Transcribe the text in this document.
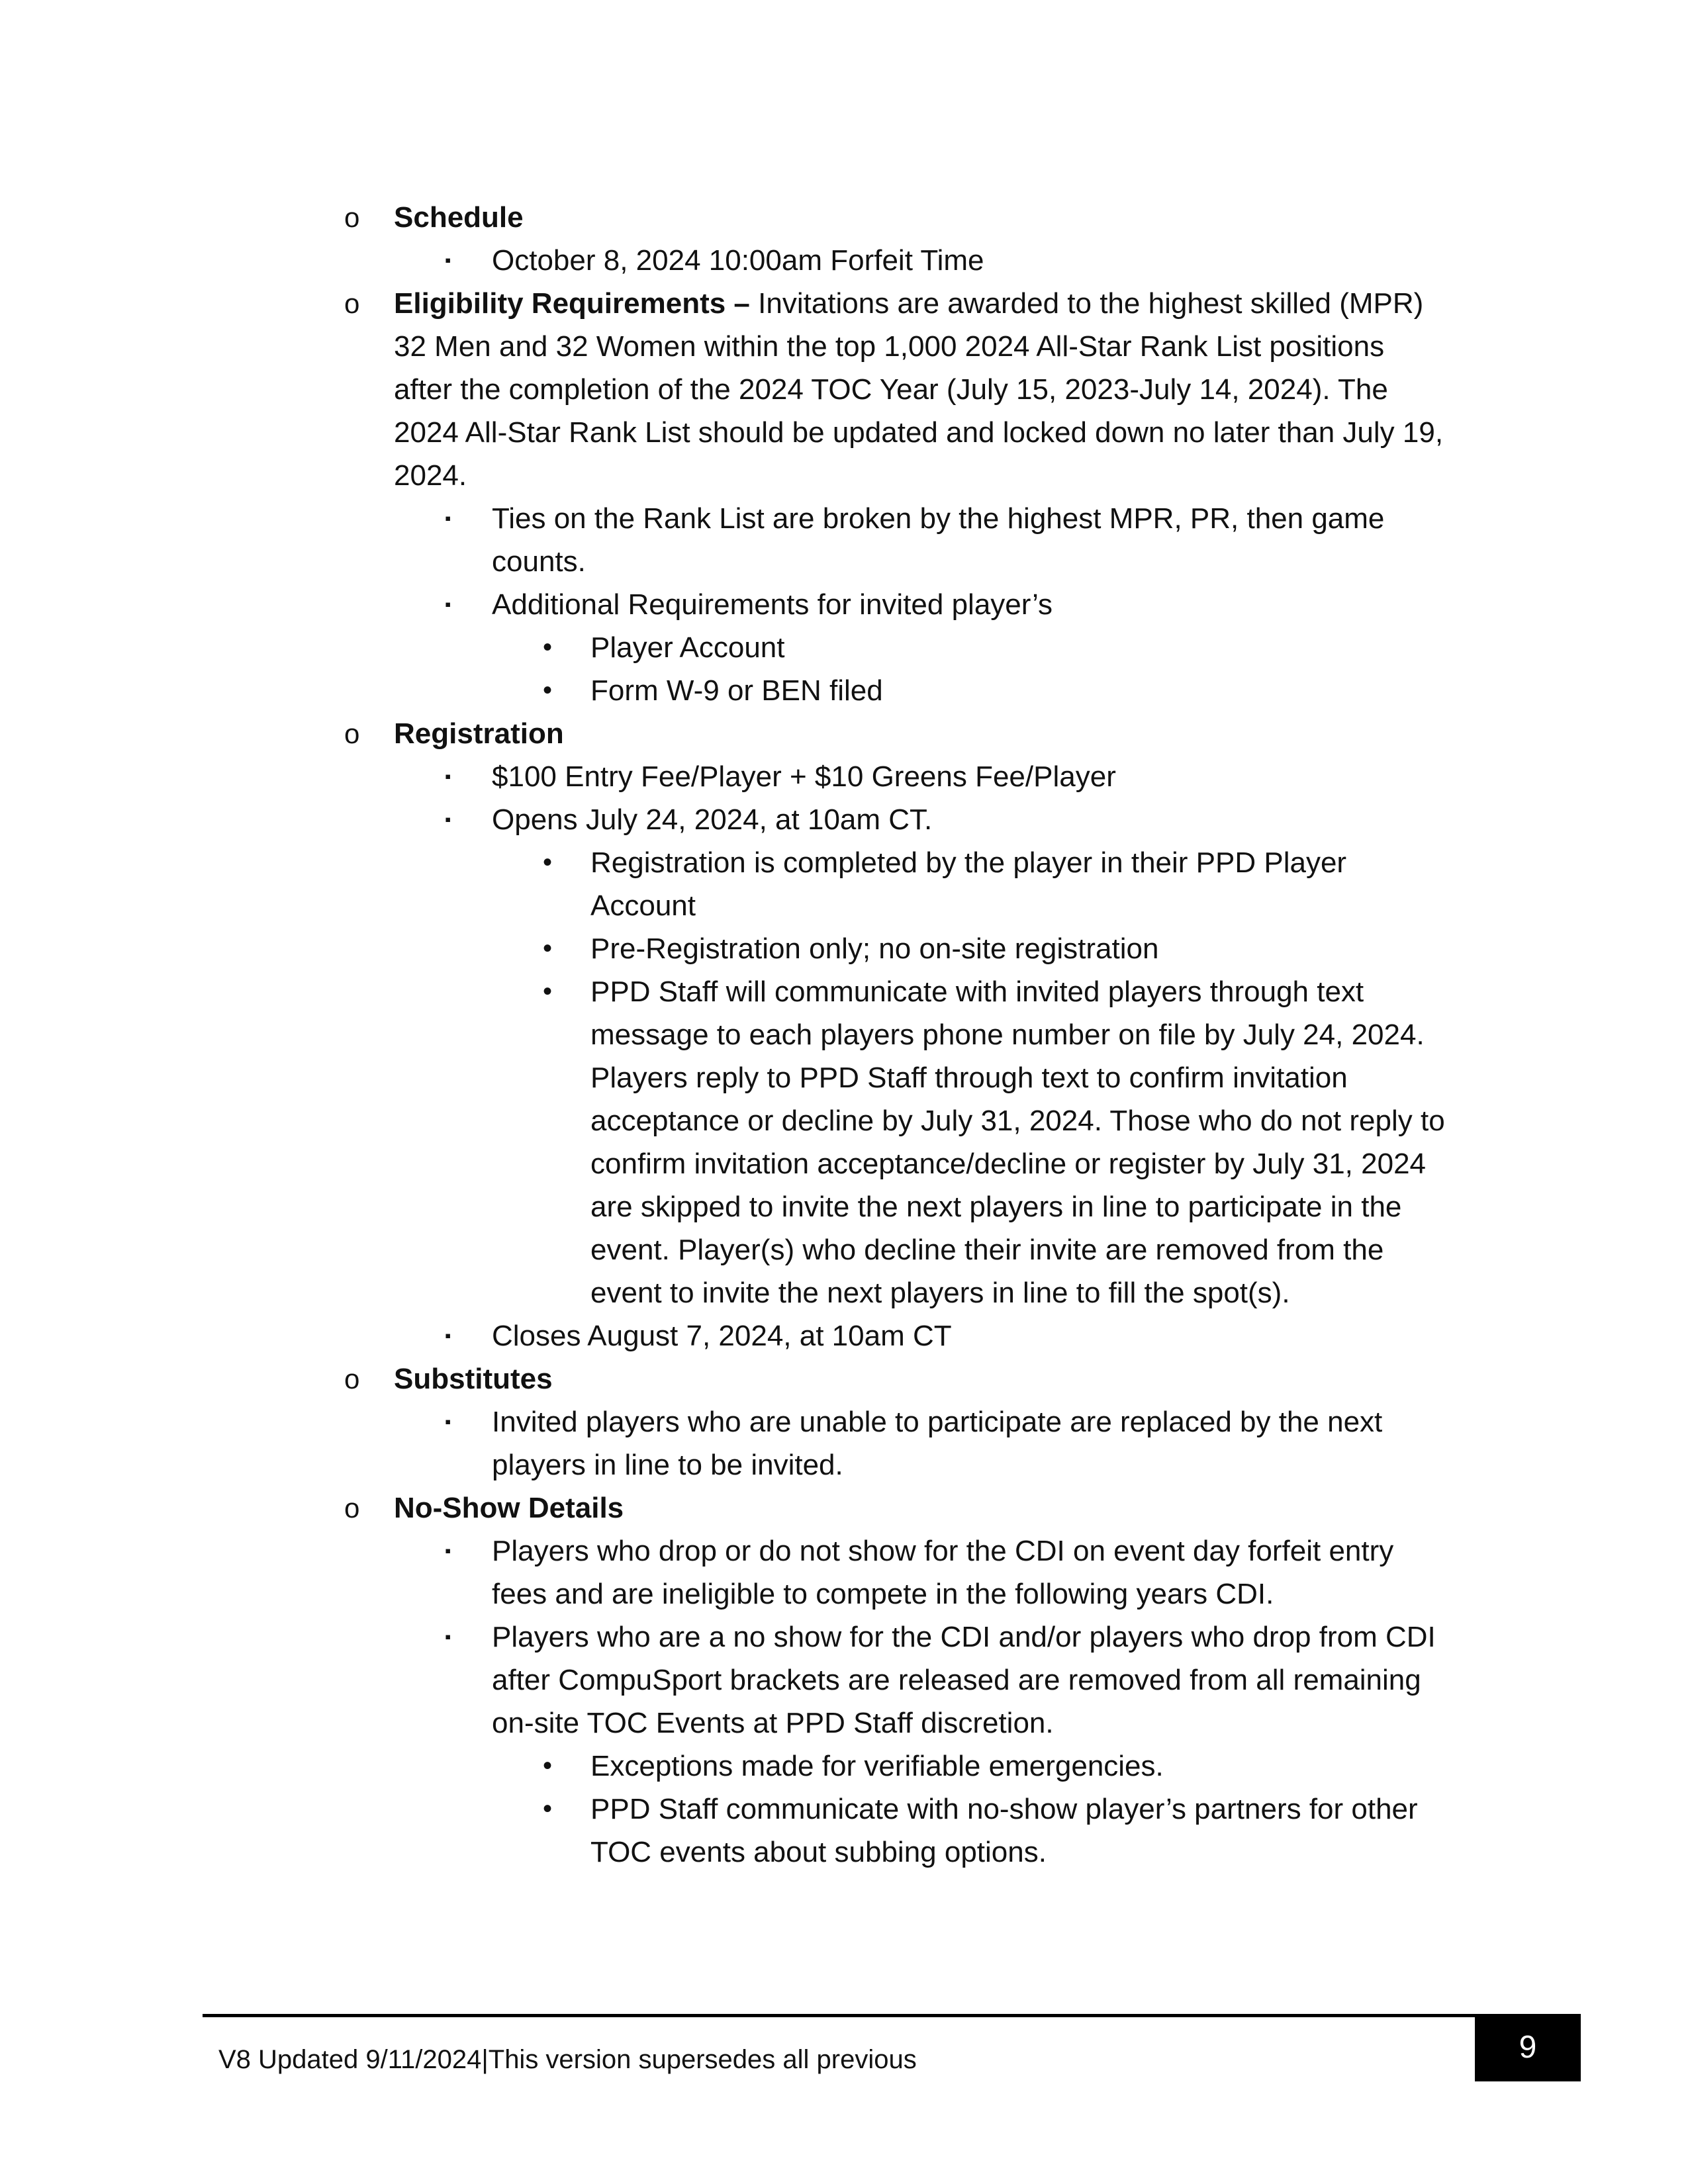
o Schedule
▪ October 8, 2024 10:00am Forfeit Time
o Eligibility Requirements – Invitations are awarded to the highest skilled (MPR)
32 Men and 32 Women within the top 1,000 2024 All-Star Rank List positions
after the completion of the 2024 TOC Year (July 15, 2023-July 14, 2024). The
2024 All-Star Rank List should be updated and locked down no later than July 19,
2024.
▪ Ties on the Rank List are broken by the highest MPR, PR, then game
counts.
▪ Additional Requirements for invited player’s
• Player Account
• Form W-9 or BEN filed
o Registration
▪ $100 Entry Fee/Player + $10 Greens Fee/Player
▪ Opens July 24, 2024, at 10am CT.
• Registration is completed by the player in their PPD Player
Account
• Pre-Registration only; no on-site registration
• PPD Staff will communicate with invited players through text
message to each players phone number on file by July 24, 2024.
Players reply to PPD Staff through text to confirm invitation
acceptance or decline by July 31, 2024. Those who do not reply to
confirm invitation acceptance/decline or register by July 31, 2024
are skipped to invite the next players in line to participate in the
event. Player(s) who decline their invite are removed from the
event to invite the next players in line to fill the spot(s).
▪ Closes August 7, 2024, at 10am CT
o Substitutes
▪ Invited players who are unable to participate are replaced by the next
players in line to be invited.
o No-Show Details
▪ Players who drop or do not show for the CDI on event day forfeit entry
fees and are ineligible to compete in the following years CDI.
▪ Players who are a no show for the CDI and/or players who drop from CDI
after CompuSport brackets are released are removed from all remaining
on-site TOC Events at PPD Staff discretion.
• Exceptions made for verifiable emergencies.
• PPD Staff communicate with no-show player’s partners for other
TOC events about subbing options.
V8 Updated 9/11/2024|This version supersedes all previous	9
